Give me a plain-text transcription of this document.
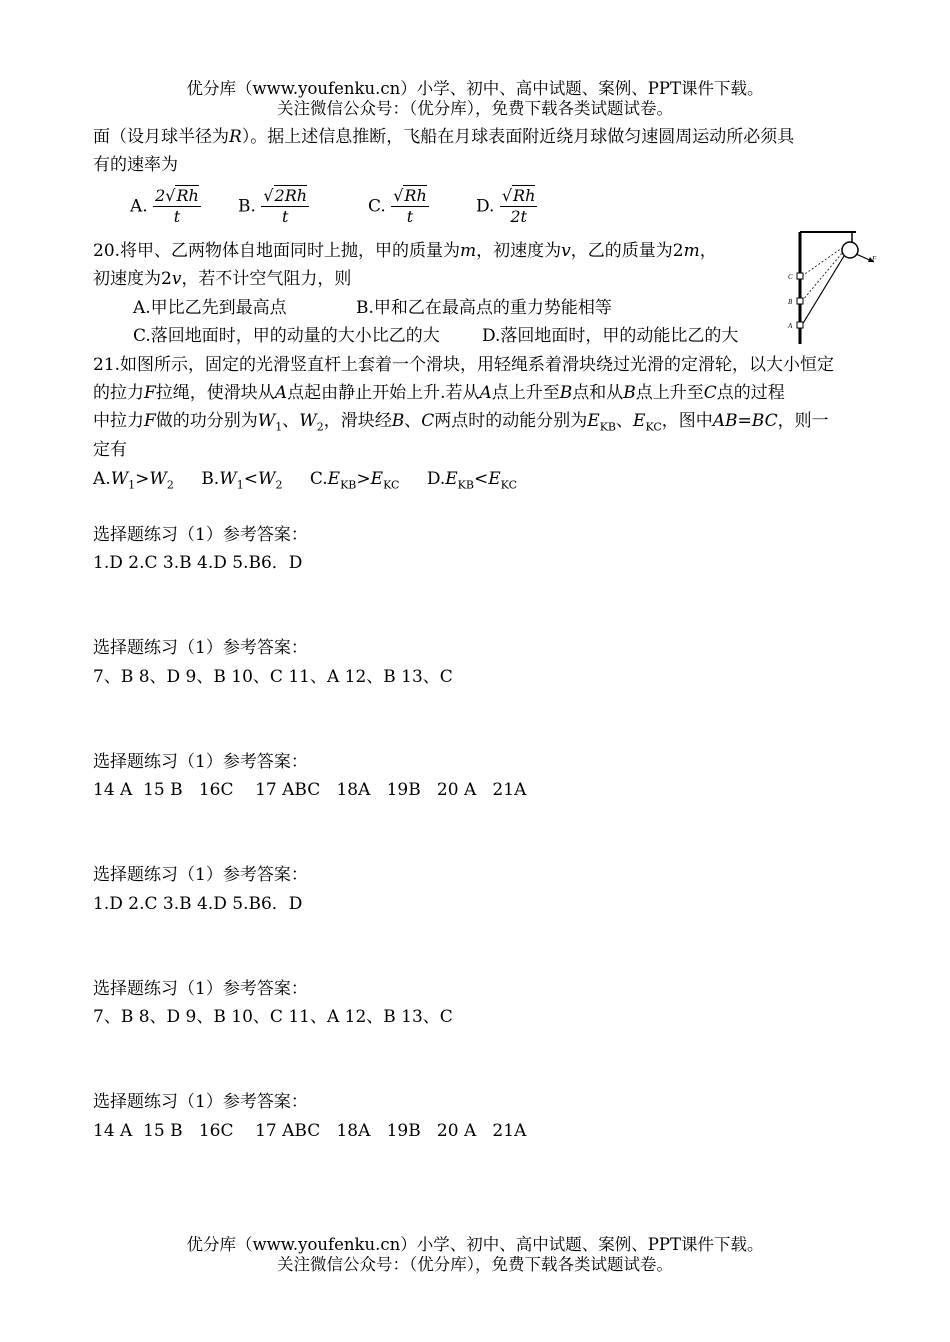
优分库（www.youfenku.cn）小学、初中、高中试题、案例、PPT课件下载。
关注微信公众号：（优分库），免费下载各类试题试卷。
面（设月球半径为R）。据上述信息推断，飞船在月球表面附近绕月球做匀速圆周运动所必须具
有的速率为
A. $\frac{2√Rh}{t} B$. $\frac{√2Rh}{t}$	C. $\frac{√Rh}{t}$	D. $\frac{√Rh}{2t}$
20.将甲、乙两物体自地面同时上抛，甲的质量为m，初速度为v，乙的质量为2m，
初速度为2v，若不计空气阻力，则
A.甲比乙先到最高点	B.甲和乙在最高点的重力势能相等
C.落回地面时，甲的动量的大小比乙的大 D.落回地面时，甲的动能比乙的大
C
B
A
F
21.如图所示，固定的光滑竖直杆上套着一个滑块，用轻绳系着滑块绕过光滑的定滑轮，以大小恒定
的拉力F拉绳，使滑块从A点起由静止开始上升.若从A点上升至B点和从B点上升至C点的过程
中拉力F做的功分别为$W_1$、$W_2$，滑块经B、C两点时的动能分别为$E_{KB}$、$E_{KC}$，图中AB=BC，则一
定有
$A.W_1>W_2$ $B.W_1<W_2$ $C.E_{KB}>E_{KC}$ $D.E_{KB}<E_{KC}$
选择题练习（1）参考答案：
1.D 2.C 3.B 4.D 5.B6．D
选择题练习（1）参考答案：
7、B 8、D 9、B 10、C 11、A 12、B 13、C
选择题练习（1）参考答案：
14 A  15 B   16C    17 ABC   18A   19B   20 A   21A
选择题练习（1）参考答案：
1.D 2.C 3.B 4.D 5.B6．D
选择题练习（1）参考答案：
7、B 8、D 9、B 10、C 11、A 12、B 13、C
选择题练习（1）参考答案：
14 A  15 B   16C    17 ABC   18A   19B   20 A   21A
优分库（www.youfenku.cn）小学、初中、高中试题、案例、PPT课件下载。
关注微信公众号：（优分库），免费下载各类试题试卷。
